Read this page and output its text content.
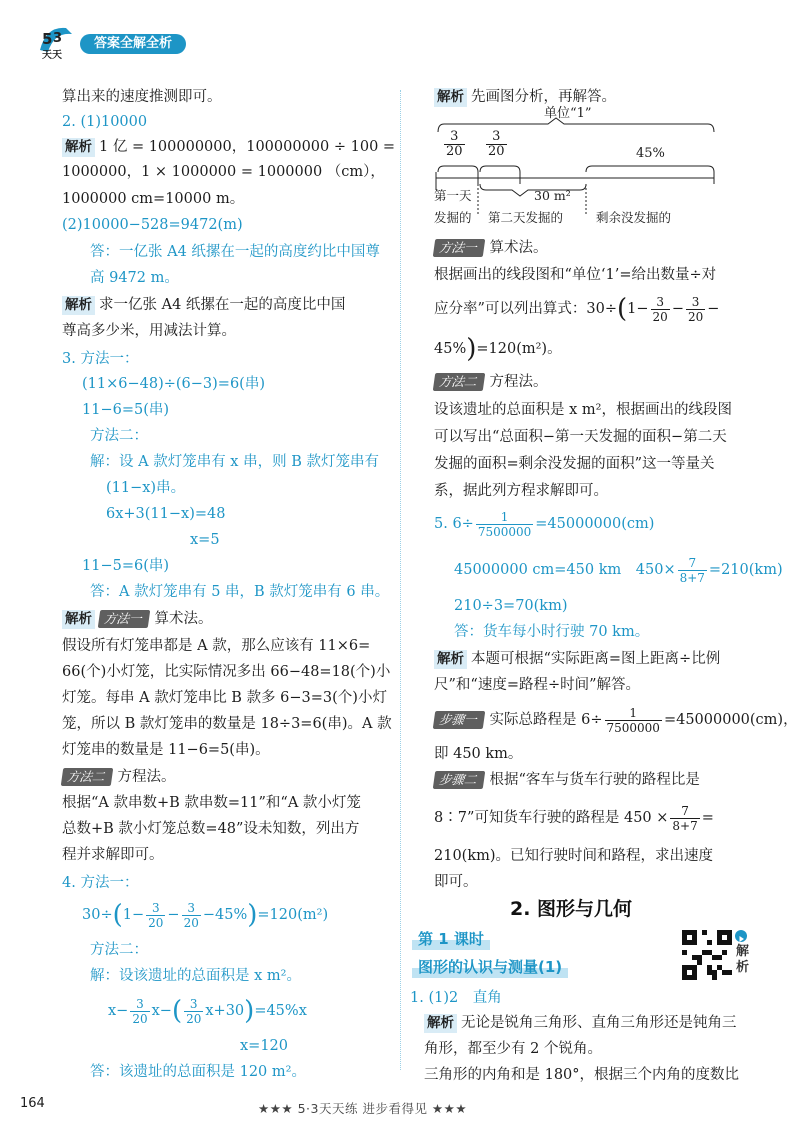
5 3
天天
答案全解全析
算出来的速度推测即可。
2. (1)10000
解析 1 亿 = 100000000，100000000 ÷ 100 =
1000000，1 × 1000000 = 1000000 （cm），
1000000 cm=10000 m。
(2)10000−528=9472(m)
答：一亿张 A4 纸摞在一起的高度约比中国尊
高 9472 m。
解析 求一亿张 A4 纸摞在一起的高度比中国
尊高多少米，用减法计算。
3. 方法一：
(11×6−48)÷(6−3)=6(串)
11−6=5(串)
方法二：
解：设 A 款灯笼串有 x 串，则 B 款灯笼串有
(11−x)串。
6x+3(11−x)=48
x=5
11−5=6(串)
答：A 款灯笼串有 5 串，B 款灯笼串有 6 串。
解析 方法一 算术法。
假设所有灯笼串都是 A 款，那么应该有 11×6=
66(个)小灯笼，比实际情况多出 66−48=18(个)小
灯笼。每串 A 款灯笼串比 B 款多 6−3=3(个)小灯
笼，所以 B 款灯笼串的数量是 18÷3=6(串)。A 款
灯笼串的数量是 11−6=5(串)。
方法二 方程法。
根据“A 款串数+B 款串数=11”和“A 款小灯笼
总数+B 款小灯笼总数=48”设未知数，列出方
程并求解即可。
4. 方法一：
$30\div(1- \frac{3}{20} - \frac{3}{20} -45\%)=120(m^2)$
方法二：
解：设该遗址的总面积是 x m²。
$x- \frac{3}{20} x-( \frac{3}{20} x+30)=45\%x$
x=120
答：该遗址的总面积是 120 m²。
解析 先画图分析，再解答。
单位“1”
$\frac{3}{20} \frac{3}{20}$	45%
30 m²
第一天
发掘的 第二天发掘的	剩余没发掘的
方法一 算术法。
根据画出的线段图和“单位‘1’=给出数量÷对
应分率”可以列出算式：$30\div(1- \frac{3}{20} - \frac{3}{20}$ −
45%)=120(m²)。
方法二 方程法。
设该遗址的总面积是 x m²，根据画出的线段图
可以写出“总面积−第一天发掘的面积−第二天
发掘的面积=剩余没发掘的面积”这一等量关
系，据此列方程求解即可。
5. $6\div \frac{1}{7500000} =45000000(cm)$
45000000 cm=450 km  $450\times \frac{7}{8+7} =210(km)$
210÷3=70(km)
答：货车每小时行驶 70 km。
解析 本题可根据“实际距离=图上距离÷比例
尺”和“速度=路程÷时间”解答。
步骤一 实际总路程是 $6\div \frac{1}{7500000} =45000000(cm)$，
即 450 km。
步骤二 根据“客车与货车行驶的路程比是
8∶7”可知货车行驶的路程是 $450 \times \frac{7}{8+7}$ =
210(km)。已知行驶时间和路程，求出速度
即可。
2. 图形与几何
第 1 课时
图形的认识与测量(1)
解析
1. (1)2　直角
解析 无论是锐角三角形、直角三角形还是钝角三
角形，都至少有 2 个锐角。
三角形的内角和是 180°，根据三个内角的度数比
164	★★★ 5·3天天练 进步看得见 ★★★
